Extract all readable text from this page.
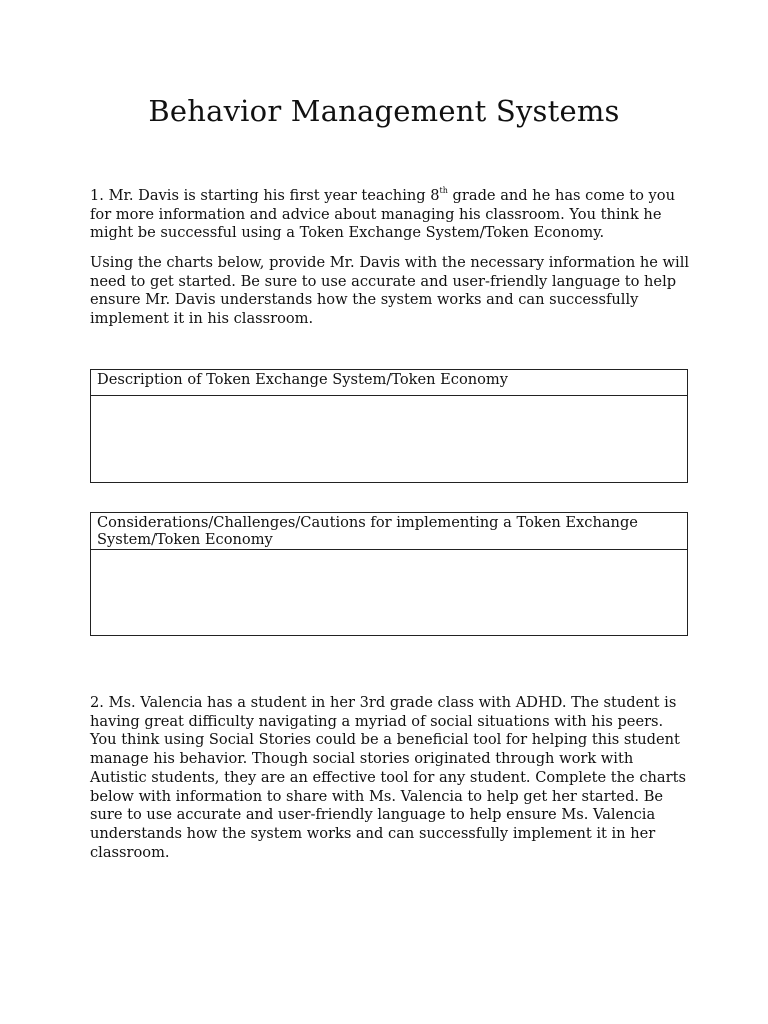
Behavior Management Systems

1. Mr. Davis is starting his first year teaching 8th grade and he has come to you for more information and advice about managing his classroom. You think he might be successful using a Token Exchange System/Token Economy.

Using the charts below, provide Mr. Davis with the necessary information he will need to get started. Be sure to use accurate and user-friendly language to help ensure Mr. Davis understands how the system works and can successfully implement it in his classroom.

Description of Token Exchange System/Token Economy
Considerations/Challenges/Cautions for implementing a Token Exchange System/Token Economy

2. Ms. Valencia has a student in her 3rd grade class with ADHD. The student is having great difficulty navigating a myriad of social situations with his peers. You think using Social Stories could be a beneficial tool for helping this student manage his behavior. Though social stories originated through work with Autistic students, they are an effective tool for any student. Complete the charts below with information to share with Ms. Valencia to help get her started. Be sure to use accurate and user-friendly language to help ensure Ms. Valencia understands how the system works and can successfully implement it in her classroom.
